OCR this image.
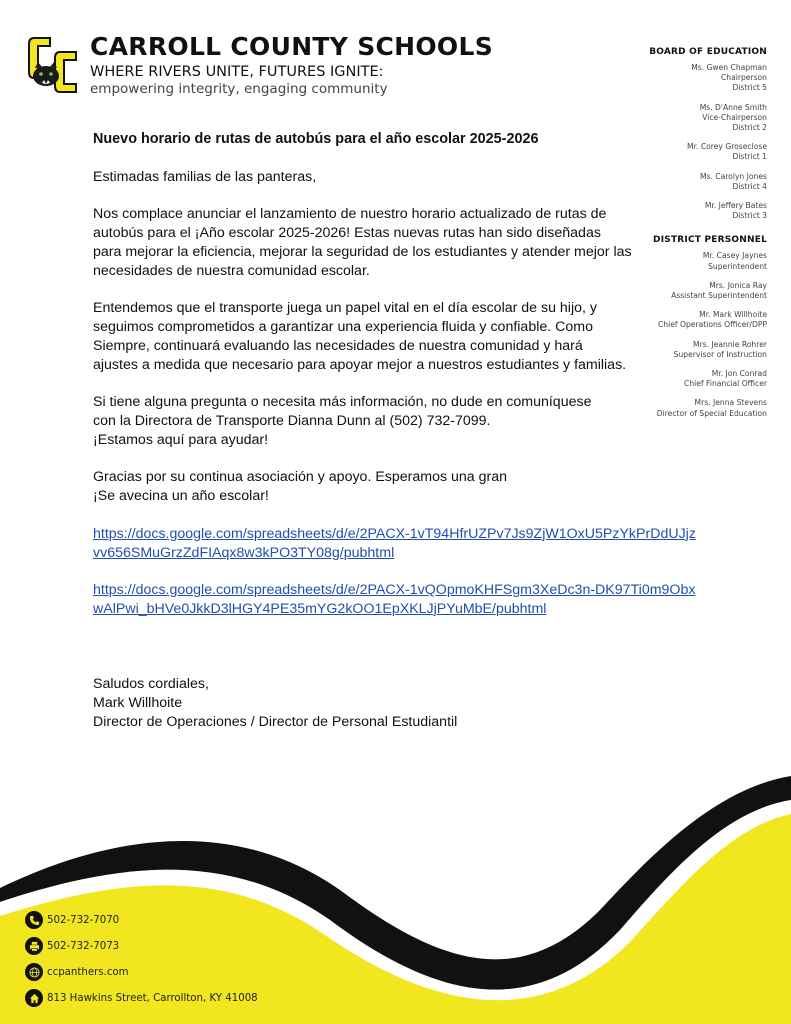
CARROLL COUNTY SCHOOLS
WHERE RIVERS UNITE, FUTURES IGNITE:
empowering integrity, engaging community
BOARD OF EDUCATION
Ms. Gwen Chapman
Chairperson
District 5
Ms. D'Anne Smith
Vice-Chairperson
District 2
Mr. Corey Groseclose
District 1
Ms. Carolyn Jones
District 4
Mr. Jeffery Bates
District 3
DISTRICT PERSONNEL
Mr. Casey Jaynes
Superintendent
Mrs. Jonica Ray
Assistant Superintendent
Mr. Mark Willhoite
Chief Operations Officer/DPP
Mrs. Jeannie Rohrer
Supervisor of Instruction
Mr. Jon Conrad
Chief Financial Officer
Mrs. Jenna Stevens
Director of Special Education

Nuevo horario de rutas de autobús para el año escolar 2025-2026

Estimadas familias de las panteras,

Nos complace anunciar el lanzamiento de nuestro horario actualizado de rutas de
autobús para el ¡Año escolar 2025-2026! Estas nuevas rutas han sido diseñadas
para mejorar la eficiencia, mejorar la seguridad de los estudiantes y atender mejor las
necesidades de nuestra comunidad escolar.

Entendemos que el transporte juega un papel vital en el día escolar de su hijo, y
seguimos comprometidos a garantizar una experiencia fluida y confiable. Como
Siempre, continuará evaluando las necesidades de nuestra comunidad y hará
ajustes a medida que necesario para apoyar mejor a nuestros estudiantes y familias.

Si tiene alguna pregunta o necesita más información, no dude en comuníquese
con la Directora de Transporte Dianna Dunn al (502) 732-7099.
¡Estamos aquí para ayudar!

Gracias por su continua asociación y apoyo. Esperamos una gran
¡Se avecina un año escolar!

https://docs.google.com/spreadsheets/d/e/2PACX-1vT94HfrUZPv7Js9ZjW1OxU5PzYkPrDdUJjz
vv656SMuGrzZdFIAqx8w3kPO3TY08g/pubhtml

https://docs.google.com/spreadsheets/d/e/2PACX-1vQOpmoKHFSgm3XeDc3n-DK97Ti0m9Obx
wAlPwi_bHVe0JkkD3lHGY4PE35mYG2kOO1EpXKLJjPYuMbE/pubhtml

Saludos cordiales,

Mark Willhoite

Director de Operaciones / Director de Personal Estudiantil

502-732-7070
502-732-7073
ccpanthers.com
813 Hawkins Street, Carrollton, KY 41008
